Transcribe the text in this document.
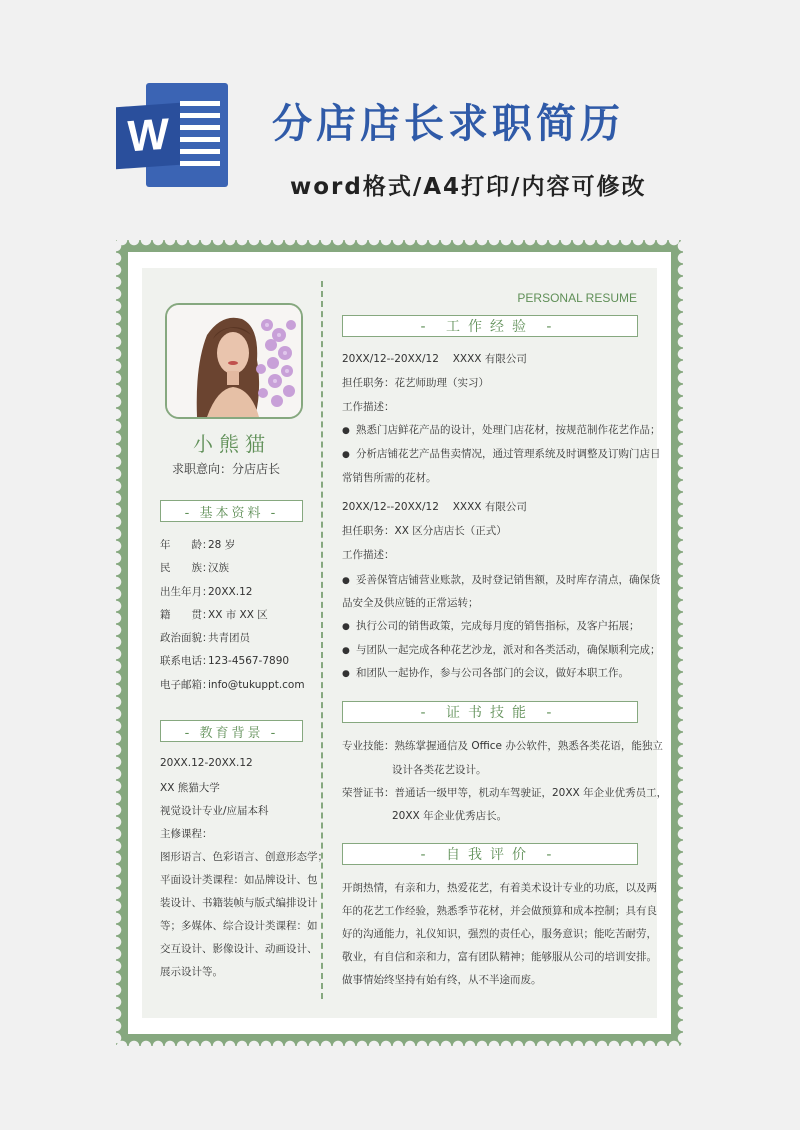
W	分店店长求职简历
word格式/A4打印/内容可修改
小熊猫
求职意向：分店店长
- 基本资料 -
年　　龄：28 岁
民　　族：汉族
出生年月：20XX.12
籍　　贯：XX 市 XX 区
政治面貌：共青团员
联系电话：123-4567-7890
电子邮箱：info@tukuppt.com
- 教育背景 -
20XX.12-20XX.12
XX 熊猫大学
视觉设计专业/应届本科
主修课程：
图形语言、色彩语言、创意形态学；
平面设计类课程：如品牌设计、包
装设计、书籍装帧与版式编排设计
等；多媒体、综合设计类课程：如
交互设计、影像设计、动画设计、
展示设计等。
PERSONAL RESUME
- 工作经验 -
20XX/12--20XX/12　 XXXX 有限公司
担任职务：花艺师助理（实习）
工作描述：
● 熟悉门店鲜花产品的设计，处理门店花材，按规范制作花艺作品；
● 分析店铺花艺产品售卖情况，通过管理系统及时调整及订购门店日
常销售所需的花材。
20XX/12--20XX/12　 XXXX 有限公司
担任职务：XX 区分店店长（正式）
工作描述：
● 妥善保管店铺营业账款，及时登记销售额，及时库存清点，确保货
品安全及供应链的正常运转；
● 执行公司的销售政策，完成每月度的销售指标，及客户拓展；
● 与团队一起完成各种花艺沙龙，派对和各类活动，确保顺利完成；
● 和团队一起协作，参与公司各部门的会议，做好本职工作。
- 证书技能 -
专业技能：熟练掌握通信及 Office 办公软件，熟悉各类花语，能独立
设计各类花艺设计。
荣誉证书：普通话一级甲等，机动车驾驶证，20XX 年企业优秀员工，
20XX 年企业优秀店长。
- 自我评价 -
开朗热情，有亲和力，热爱花艺，有着美术设计专业的功底，以及两
年的花艺工作经验，熟悉季节花材，并会做预算和成本控制；具有良
好的沟通能力，礼仪知识，强烈的责任心，服务意识；能吃苦耐劳，
敬业，有自信和亲和力，富有团队精神；能够服从公司的培训安排。
做事情始终坚持有始有终，从不半途而废。
